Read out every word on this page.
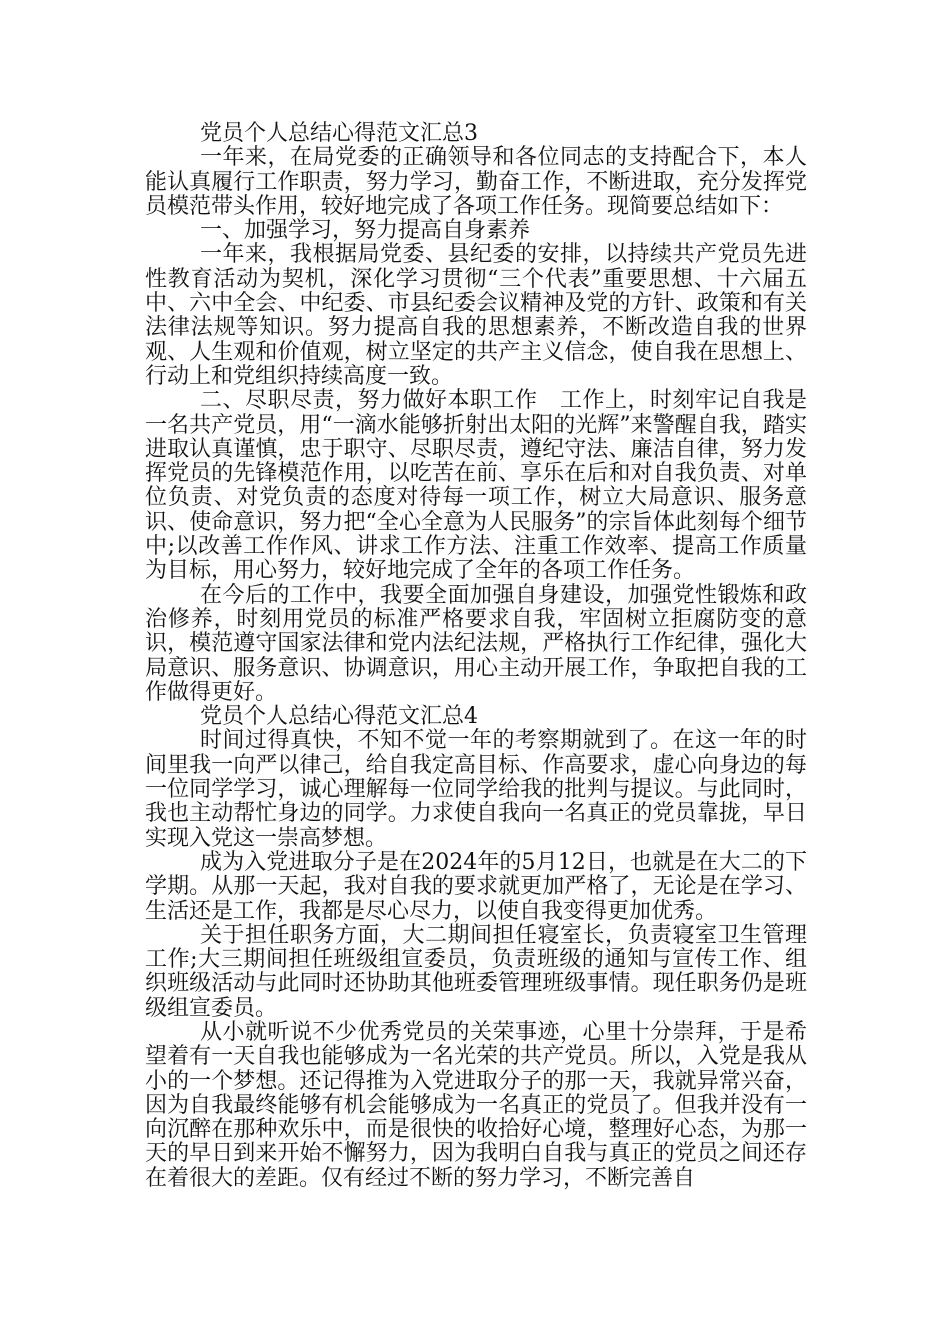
党员个人总结心得范文汇总3

一年来，在局党委的正确领导和各位同志的支持配合下，本人能认真履行工作职责，努力学习，勤奋工作，不断进取，充分发挥党员模范带头作用，较好地完成了各项工作任务。现简要总结如下：

一、加强学习，努力提高自身素养

一年来，我根据局党委、县纪委的安排，以持续共产党员先进性教育活动为契机，深化学习贯彻“三个代表”重要思想、十六届五中、六中全会、中纪委、市县纪委会议精神及党的方针、政策和有关法律法规等知识。努力提高自我的思想素养，不断改造自我的世界观、人生观和价值观，树立坚定的共产主义信念，使自我在思想上、行动上和党组织持续高度一致。

二、尽职尽责，努力做好本职工作　工作上，时刻牢记自我是一名共产党员，用“一滴水能够折射出太阳的光辉”来警醒自我，踏实进取认真谨慎，忠于职守、尽职尽责，遵纪守法、廉洁自律，努力发挥党员的先锋模范作用，以吃苦在前、享乐在后和对自我负责、对单位负责、对党负责的态度对待每一项工作，树立大局意识、服务意识、使命意识，努力把“全心全意为人民服务”的宗旨体此刻每个细节中;以改善工作作风、讲求工作方法、注重工作效率、提高工作质量为目标，用心努力，较好地完成了全年的各项工作任务。

在今后的工作中，我要全面加强自身建设，加强党性锻炼和政治修养，时刻用党员的标准严格要求自我，牢固树立拒腐防变的意识，模范遵守国家法律和党内法纪法规，严格执行工作纪律，强化大局意识、服务意识、协调意识，用心主动开展工作，争取把自我的工作做得更好。

党员个人总结心得范文汇总4

时间过得真快，不知不觉一年的考察期就到了。在这一年的时间里我一向严以律己，给自我定高目标、作高要求，虚心向身边的每一位同学学习，诚心理解每一位同学给我的批判与提议。与此同时，我也主动帮忙身边的同学。力求使自我向一名真正的党员靠拢，早日实现入党这一崇高梦想。

成为入党进取分子是在2024年的5月12日，也就是在大二的下学期。从那一天起，我对自我的要求就更加严格了，无论是在学习、生活还是工作，我都是尽心尽力，以使自我变得更加优秀。

关于担任职务方面，大二期间担任寝室长，负责寝室卫生管理工作;大三期间担任班级组宣委员，负责班级的通知与宣传工作、组织班级活动与此同时还协助其他班委管理班级事情。现任职务仍是班级组宣委员。

从小就听说不少优秀党员的关荣事迹，心里十分崇拜，于是希望着有一天自我也能够成为一名光荣的共产党员。所以，入党是我从小的一个梦想。还记得推为入党进取分子的那一天，我就异常兴奋，因为自我最终能够有机会能够成为一名真正的党员了。但我并没有一向沉醉在那种欢乐中，而是很快的收拾好心境，整理好心态，为那一天的早日到来开始不懈努力，因为我明白自我与真正的党员之间还存在着很大的差距。仅有经过不断的努力学习，不断完善自
